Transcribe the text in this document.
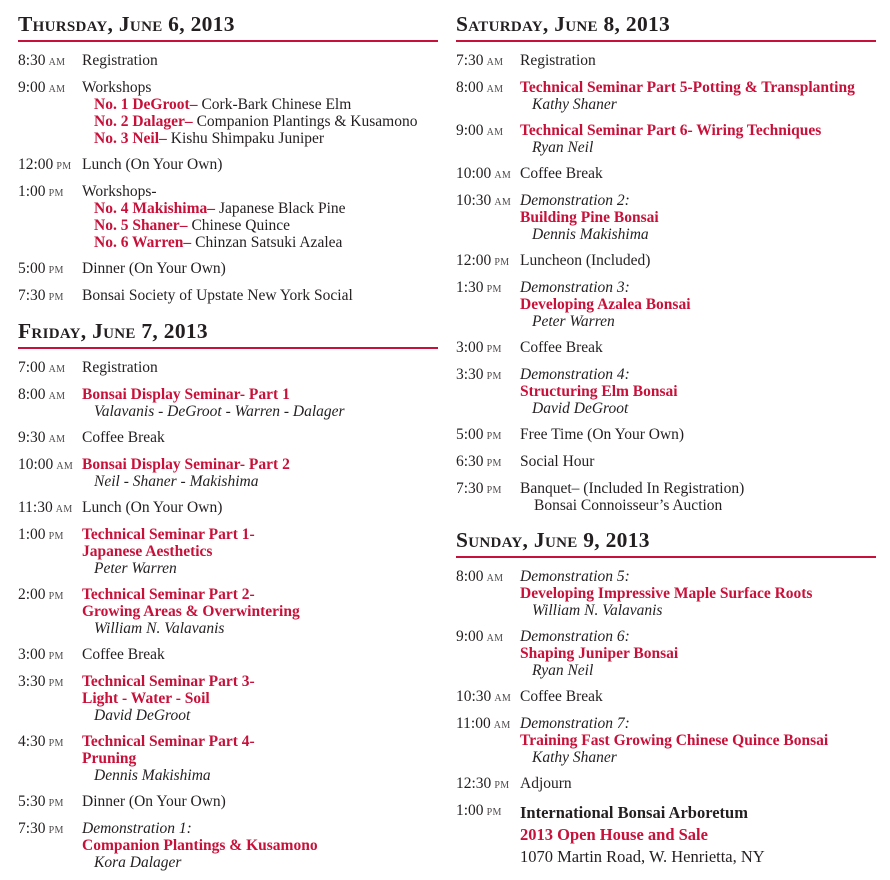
Thursday, June 6, 2013
8:30 am	Registration
9:00 am	Workshops
No. 1 DeGroot– Cork-Bark Chinese Elm
No. 2 Dalager– Companion Plantings & Kusamono
No. 3 Neil– Kishu Shimpaku Juniper
12:00 pm Lunch (On Your Own)
1:00 pm	Workshops-
No. 4 Makishima– Japanese Black Pine
No. 5 Shaner– Chinese Quince
No. 6 Warren– Chinzan Satsuki Azalea
5:00 pm	Dinner (On Your Own)
7:30 pm	Bonsai Society of Upstate New York Social
Friday, June 7, 2013
7:00 am	Registration
8:00 am	Bonsai Display Seminar- Part 1
Valavanis - DeGroot - Warren - Dalager
9:30 am	Coffee Break
10:00 am Bonsai Display Seminar- Part 2
Neil - Shaner - Makishima
11:30 am Lunch (On Your Own)
1:00 pm	Technical Seminar Part 1-
Japanese Aesthetics
Peter Warren
2:00 pm	Technical Seminar Part 2-
Growing Areas & Overwintering
William N. Valavanis
3:00 pm	Coffee Break
3:30 pm	Technical Seminar Part 3-
Light - Water - Soil
David DeGroot
4:30 pm	Technical Seminar Part 4-
Pruning
Dennis Makishima
5:30 pm	Dinner (On Your Own)
7:30 pm	Demonstration 1:
Companion Plantings & Kusamono
Kora Dalager
Saturday, June 8, 2013
7:30 am	Registration
8:00 am	Technical Seminar Part 5-Potting & Transplanting
Kathy Shaner
9:00 am	Technical Seminar Part 6- Wiring Techniques
Ryan Neil
10:00 am Coffee Break
10:30 am Demonstration 2:
Building Pine Bonsai
Dennis Makishima
12:00 pm Luncheon (Included)
1:30 pm	Demonstration 3:
Developing Azalea Bonsai
Peter Warren
3:00 pm	Coffee Break
3:30 pm	Demonstration 4:
Structuring Elm Bonsai
David DeGroot
5:00 pm	Free Time (On Your Own)
6:30 pm	Social Hour
7:30 pm	Banquet– (Included In Registration)
Bonsai Connoisseur’s Auction
Sunday, June 9, 2013
8:00 am	Demonstration 5:
Developing Impressive Maple Surface Roots
William N. Valavanis
9:00 am	Demonstration 6:
Shaping Juniper Bonsai
Ryan Neil
10:30 am Coffee Break
11:00 am Demonstration 7:
Training Fast Growing Chinese Quince Bonsai
Kathy Shaner
12:30 pm Adjourn
1:00 pm	International Bonsai Arboretum
2013 Open House and Sale
1070 Martin Road, W. Henrietta, NY
